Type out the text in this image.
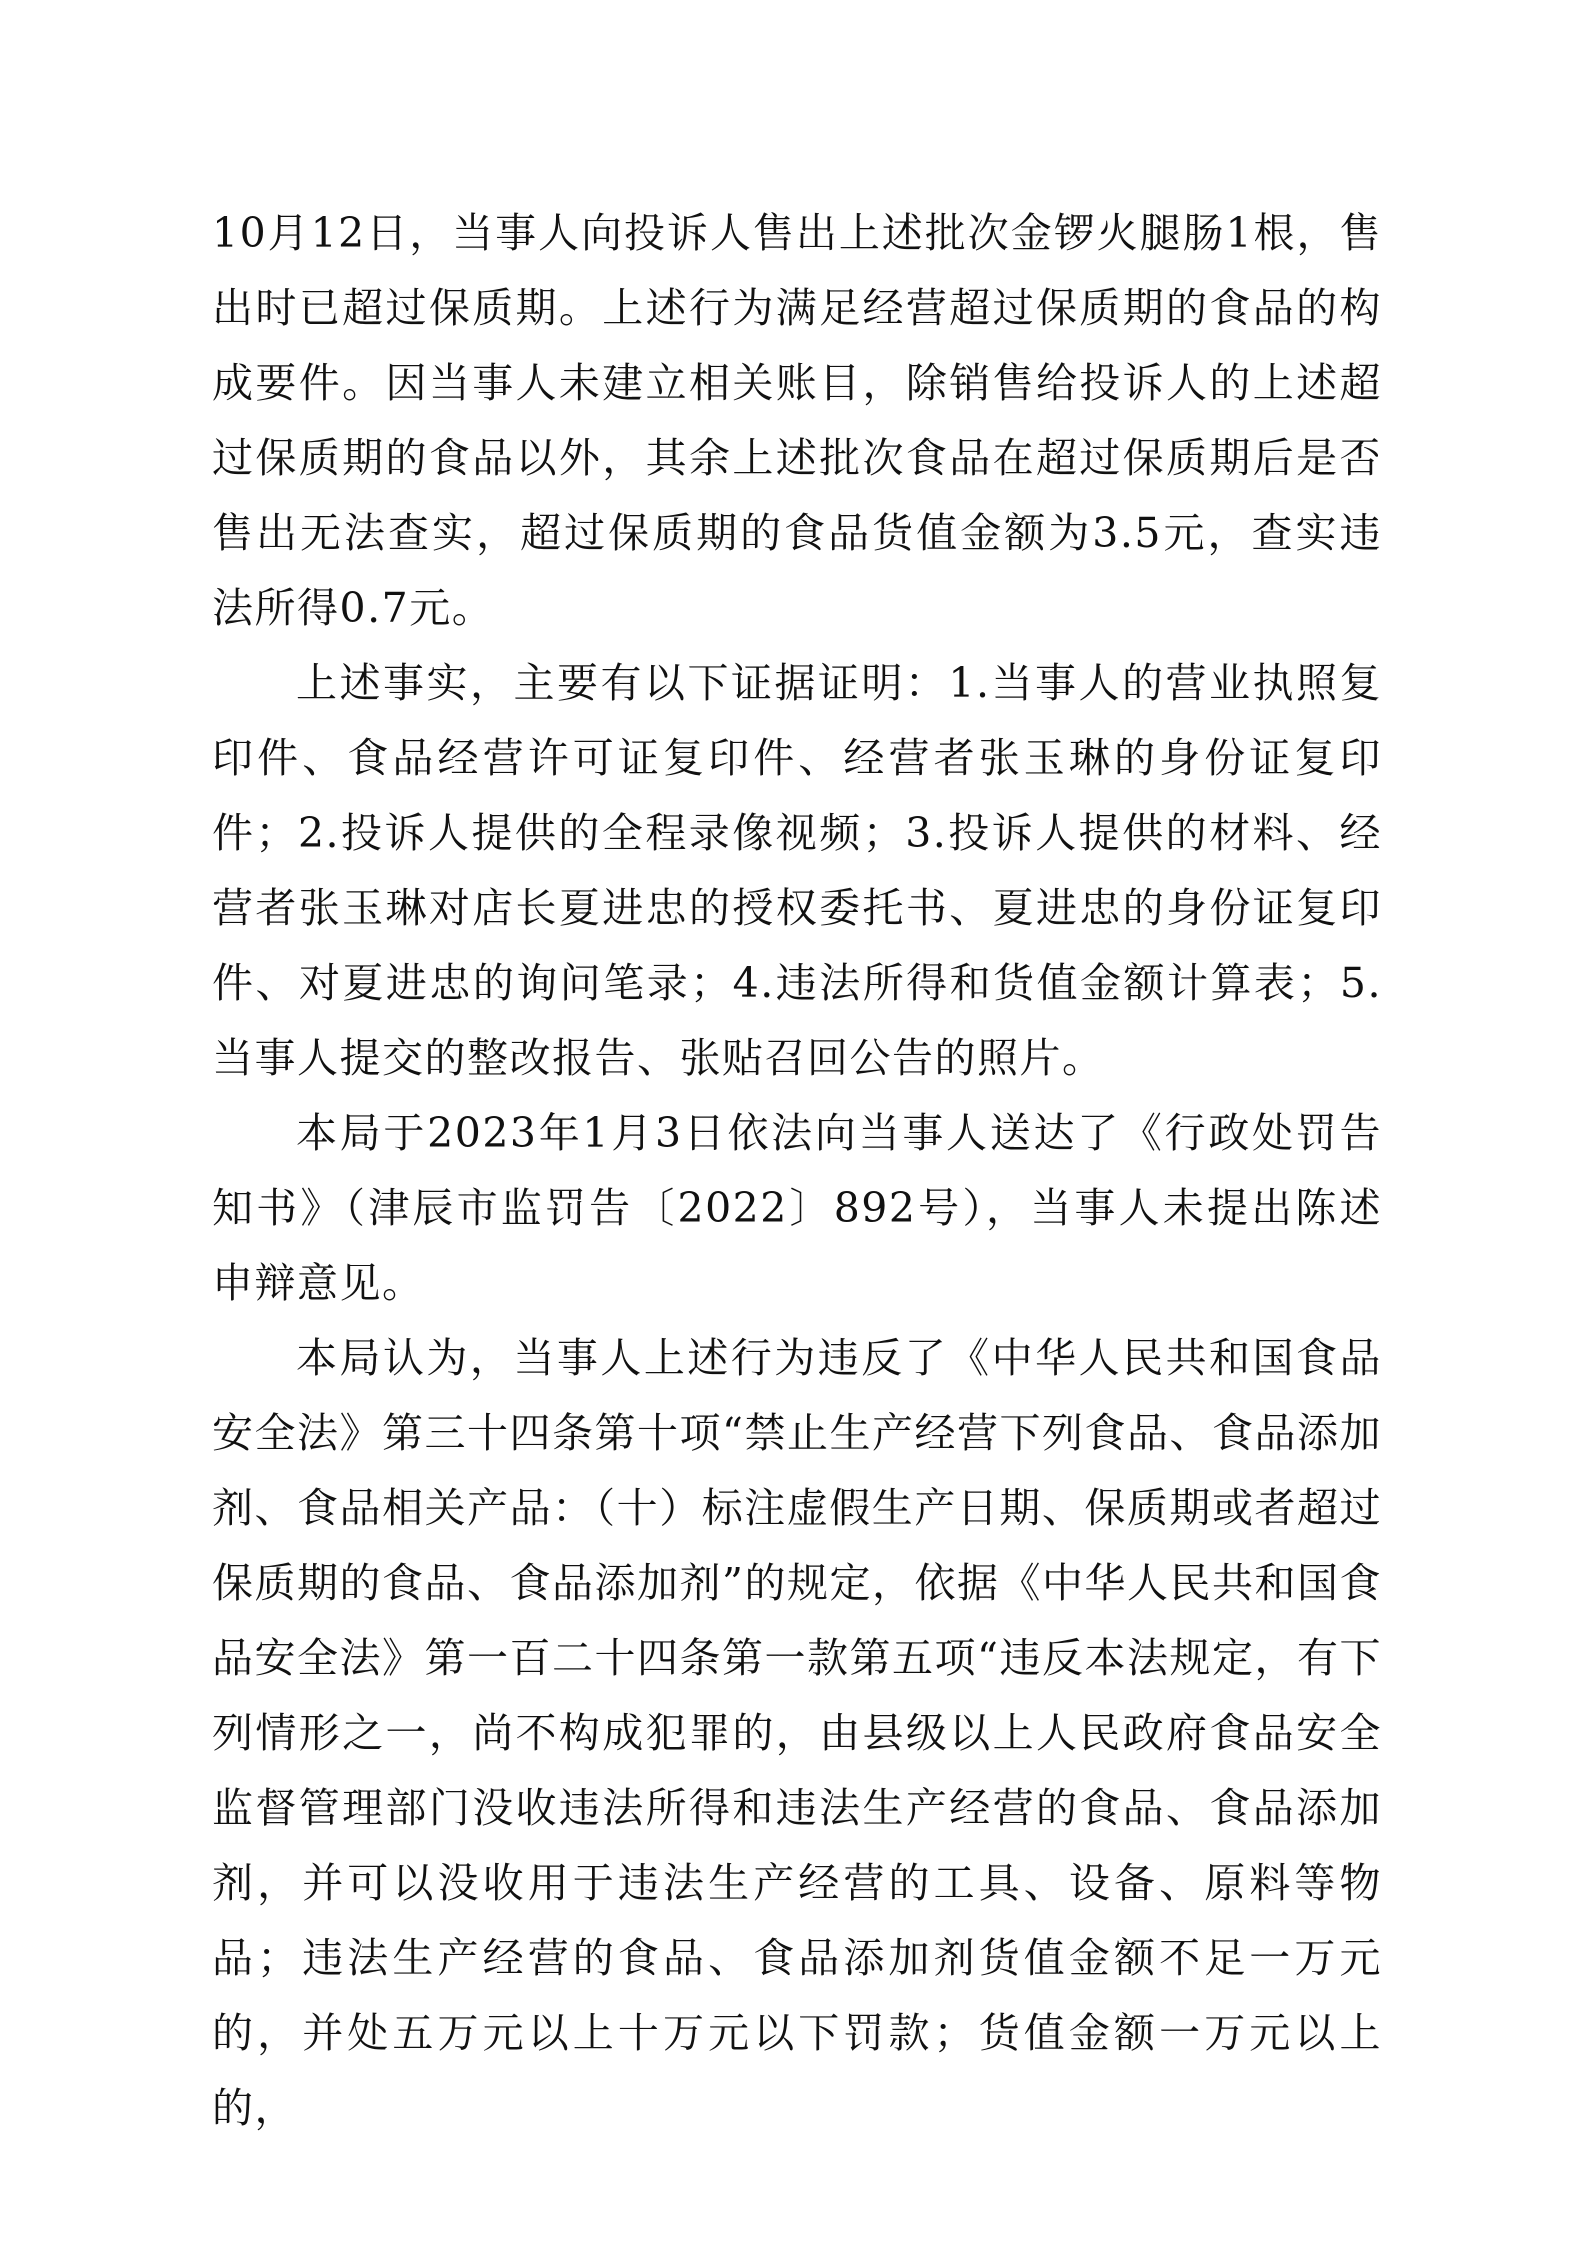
10月12日，当事人向投诉人售出上述批次金锣火腿肠1根，售出时已超过保质期。上述行为满足经营超过保质期的食品的构成要件。因当事人未建立相关账目，除销售给投诉人的上述超过保质期的食品以外，其余上述批次食品在超过保质期后是否售出无法查实，超过保质期的食品货值金额为3.5元，查实违法所得0.7元。

上述事实，主要有以下证据证明：1.当事人的营业执照复印件、食品经营许可证复印件、经营者张玉琳的身份证复印件；2.投诉人提供的全程录像视频；3.投诉人提供的材料、经营者张玉琳对店长夏进忠的授权委托书、夏进忠的身份证复印件、对夏进忠的询问笔录；4.违法所得和货值金额计算表；5.当事人提交的整改报告、张贴召回公告的照片。

本局于2023年1月3日依法向当事人送达了《行政处罚告知书》（津辰市监罚告〔2022〕892号），当事人未提出陈述申辩意见。

本局认为，当事人上述行为违反了《中华人民共和国食品安全法》第三十四条第十项“禁止生产经营下列食品、食品添加剂、食品相关产品：（十）标注虚假生产日期、保质期或者超过保质期的食品、食品添加剂”的规定，依据《中华人民共和国食品安全法》第一百二十四条第一款第五项“违反本法规定，有下列情形之一，尚不构成犯罪的，由县级以上人民政府食品安全监督管理部门没收违法所得和违法生产经营的食品、食品添加剂，并可以没收用于违法生产经营的工具、设备、原料等物品；违法生产经营的食品、食品添加剂货值金额不足一万元的，并处五万元以上十万元以下罚款；货值金额一万元以上的，
